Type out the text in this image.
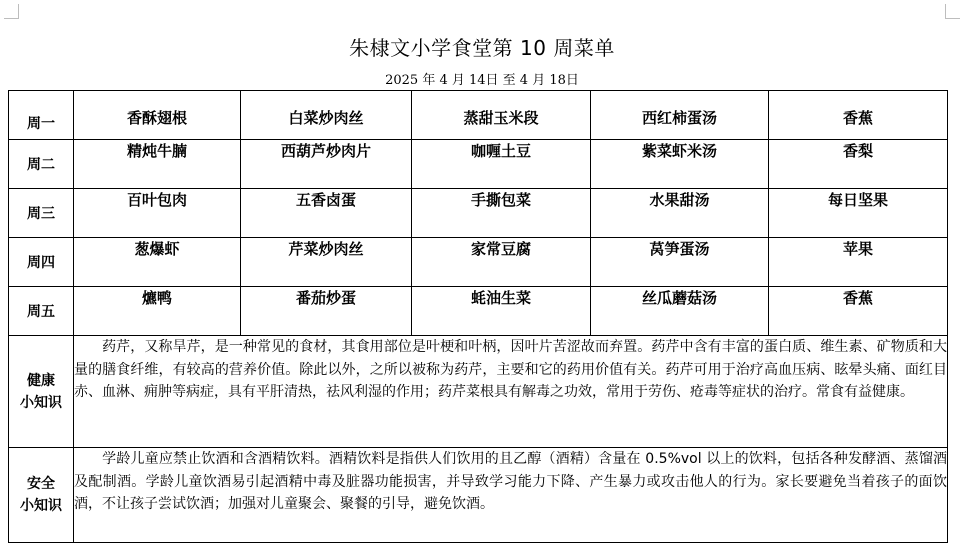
朱棣文小学食堂第 10 周菜单
2025 年 4 月 14日 至 4 月 18日
周一	香酥翅根	白菜炒肉丝	蒸甜玉米段	西红柿蛋汤	香蕉
周二	精炖牛腩	西葫芦炒肉片	咖喱土豆	紫菜虾米汤	香梨
周三	百叶包肉	五香卤蛋	手撕包菜	水果甜汤	每日坚果
周四	葱爆虾	芹菜炒肉丝	家常豆腐	莴笋蛋汤	苹果
周五	爊鸭	番茄炒蛋	蚝油生菜	丝瓜蘑菇汤	香蕉

健康
小知识	药芹，又称旱芹，是一种常见的食材，其食用部位是叶梗和叶柄，因叶片苦涩故而弃置。药芹中含有丰富的蛋白质、维生素、矿物质和大量的膳食纤维，有较高的营养价值。除此以外，之所以被称为药芹，主要和它的药用价值有关。药芹可用于治疗高血压病、眩晕头痛、面红目赤、血淋、痈肿等病症，具有平肝清热，祛风利湿的作用；药芹菜根具有解毒之功效，常用于劳伤、疮毒等症状的治疗。常食有益健康。				

安全
小知识	学龄儿童应禁止饮酒和含酒精饮料。酒精饮料是指供人们饮用的且乙醇（酒精）含量在 0.5%vol 以上的饮料，包括各种发酵酒、蒸馏酒及配制酒。学龄儿童饮酒易引起酒精中毒及脏器功能损害，并导致学习能力下降、产生暴力或攻击他人的行为。家长要避免当着孩子的面饮酒，不让孩子尝试饮酒；加强对儿童聚会、聚餐的引导，避免饮酒。				
